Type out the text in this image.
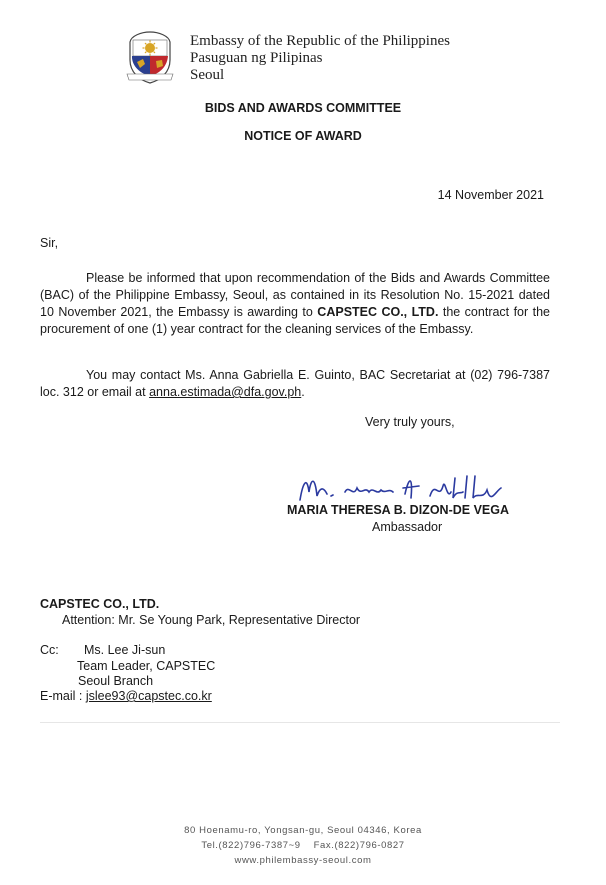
Embassy of the Republic of the Philippines
Pasuguan ng Pilipinas
Seoul
BIDS AND AWARDS COMMITTEE
NOTICE OF AWARD
14 November 2021
Sir,
Please be informed that upon recommendation of the Bids and Awards Committee (BAC) of the Philippine Embassy, Seoul, as contained in its Resolution No. 15-2021 dated 10 November 2021, the Embassy is awarding to CAPSTEC CO., LTD. the contract for the procurement of one (1) year contract for the cleaning services of the Embassy.
You may contact Ms. Anna Gabriella E. Guinto, BAC Secretariat at (02) 796-7387 loc. 312 or email at anna.estimada@dfa.gov.ph.
Very truly yours,
MARIA THERESA B. DIZON-DE VEGA
Ambassador
CAPSTEC CO., LTD.
Attention: Mr. Se Young Park, Representative Director
Cc: Ms. Lee Ji-sun
Team Leader, CAPSTEC
Seoul Branch
E-mail : jslee93@capstec.co.kr
80 Hoenamu-ro, Yongsan-gu, Seoul 04346, Korea
Tel.(822)796-7387~9    Fax.(822)796-0827
www.philembassy-seoul.com
